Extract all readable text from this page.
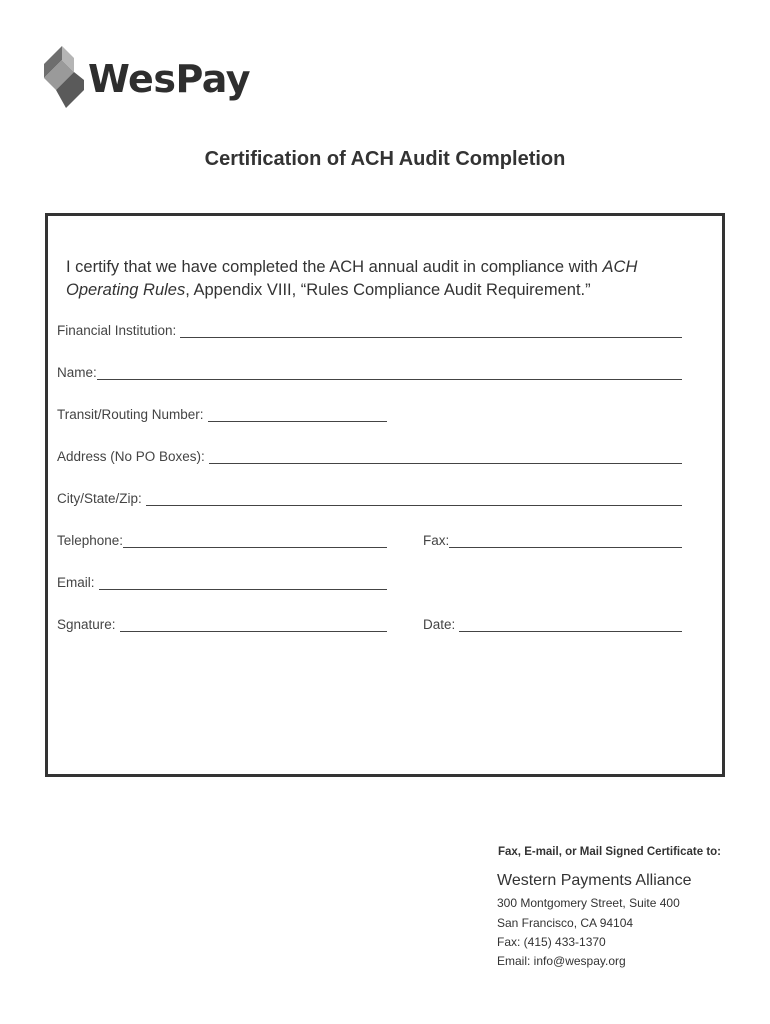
WesPay
Certification of ACH Audit Completion
I certify that we have completed the ACH annual audit in compliance with ACH Operating Rules, Appendix VIII, “Rules Compliance Audit Requirement.”
Financial Institution:
Name:
Transit/Routing Number:
Address (No PO Boxes):
City/State/Zip:
Telephone:	Fax:
Email:
Sgnature:	Date:
Fax, E-mail, or Mail Signed Certificate to:
Western Payments Alliance
300 Montgomery Street, Suite 400
San Francisco, CA 94104
Fax: (415) 433-1370
Email: info@wespay.org
